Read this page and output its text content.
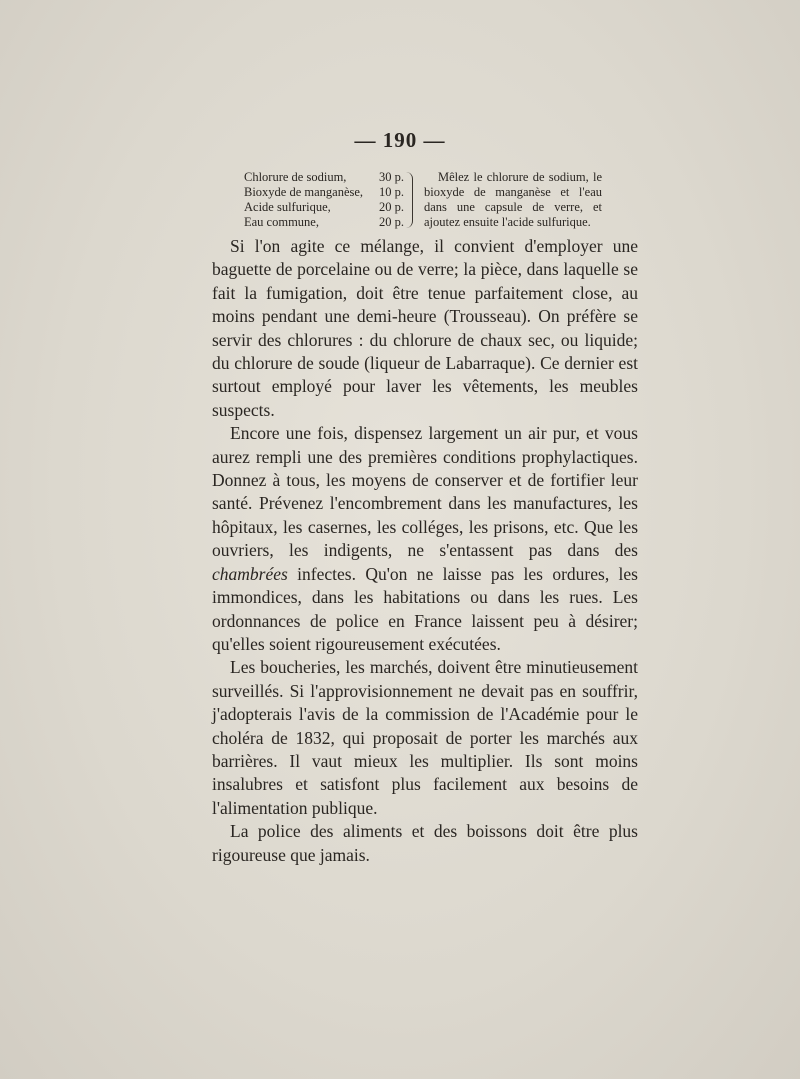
— 190 —
Chlorure de sodium,	30 p.
Bioxyde de manganèse, 10 p.
Acide sulfurique,	20 p.
Eau commune,	20 p.
Mêlez le chlorure de sodium, le bioxyde de manganèse et l'eau dans une capsule de verre, et ajoutez ensuite l'acide sulfurique.

Si l'on agite ce mélange, il convient d'employer une baguette de porcelaine ou de verre; la pièce, dans laquelle se fait la fumigation, doit être tenue parfaitement close, au moins pendant une demi-heure (Trousseau). On préfère se servir des chlorures : du chlorure de chaux sec, ou liquide; du chlorure de soude (liqueur de Labarraque). Ce dernier est surtout employé pour laver les vêtements, les meubles suspects.

Encore une fois, dispensez largement un air pur, et vous aurez rempli une des premières conditions prophylactiques. Donnez à tous, les moyens de conserver et de fortifier leur santé. Prévenez l'encombrement dans les manufactures, les hôpitaux, les casernes, les colléges, les prisons, etc. Que les ouvriers, les indigents, ne s'entassent pas dans des chambrées infectes. Qu'on ne laisse pas les ordures, les immondices, dans les habitations ou dans les rues. Les ordonnances de police en France laissent peu à désirer; qu'elles soient rigoureusement exécutées.

Les boucheries, les marchés, doivent être minutieusement surveillés. Si l'approvisionnement ne devait pas en souffrir, j'adopterais l'avis de la commission de l'Académie pour le choléra de 1832, qui proposait de porter les marchés aux barrières. Il vaut mieux les multiplier. Ils sont moins insalubres et satisfont plus facilement aux besoins de l'alimentation publique.

La police des aliments et des boissons doit être plus rigoureuse que jamais.
